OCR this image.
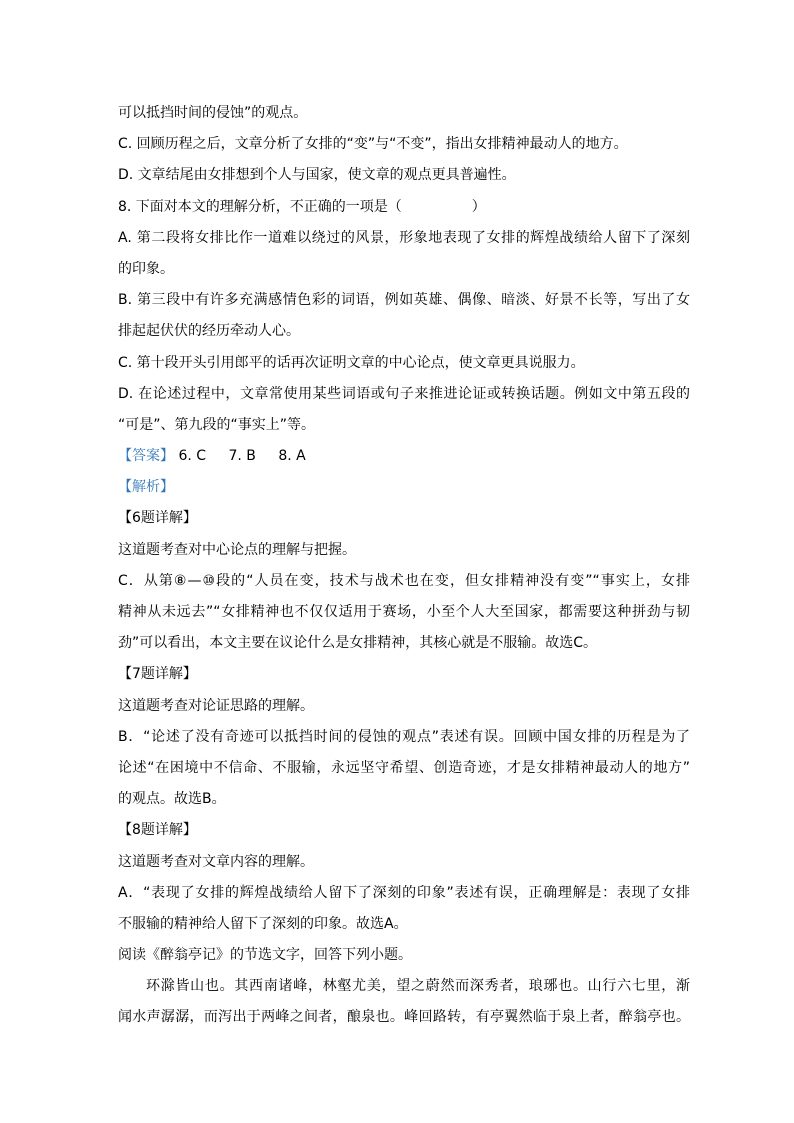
可以抵挡时间的侵蚀”的观点。
C. 回顾历程之后，文章分析了女排的“变”与“不变”，指出女排精神最动人的地方。
D. 文章结尾由女排想到个人与国家，使文章的观点更具普遍性。
8. 下面对本文的理解分析，不正确的一项是（　　　　　）
A. 第二段将女排比作一道难以绕过的风景，形象地表现了女排的辉煌战绩给人留下了深刻
的印象。
B. 第三段中有许多充满感情色彩的词语，例如英雄、偶像、暗淡、好景不长等，写出了女
排起起伏伏的经历牵动人心。
C. 第十段开头引用郎平的话再次证明文章的中心论点，使文章更具说服力。
D. 在论述过程中，文章常使用某些词语或句子来推进论证或转换话题。例如文中第五段的
“可是”、第九段的“事实上”等。
【答案】 6. C 7. B 8. A
【解析】
【6题详解】
这道题考查对中心论点的理解与把握。
C．从第⑧—⑩段的“人员在变，技术与战术也在变，但女排精神没有变”“事实上，女排
精神从未远去”“女排精神也不仅仅适用于赛场，小至个人大至国家，都需要这种拼劲与韧
劲”可以看出，本文主要在议论什么是女排精神，其核心就是不服输。故选C。
【7题详解】
这道题考查对论证思路的理解。
B．“论述了没有奇迹可以抵挡时间的侵蚀的观点”表述有误。回顾中国女排的历程是为了
论述“在困境中不信命、不服输，永远坚守希望、创造奇迹，才是女排精神最动人的地方”
的观点。故选B。
【8题详解】
这道题考查对文章内容的理解。
A．“表现了女排的辉煌战绩给人留下了深刻的印象”表述有误，正确理解是：表现了女排
不服输的精神给人留下了深刻的印象。故选A。
阅读《醉翁亭记》的节选文字，回答下列小题。
环滁皆山也。其西南诸峰，林壑尤美，望之蔚然而深秀者，琅琊也。山行六七里，渐
闻水声潺潺，而泻出于两峰之间者，酿泉也。峰回路转，有亭翼然临于泉上者，醉翁亭也。
